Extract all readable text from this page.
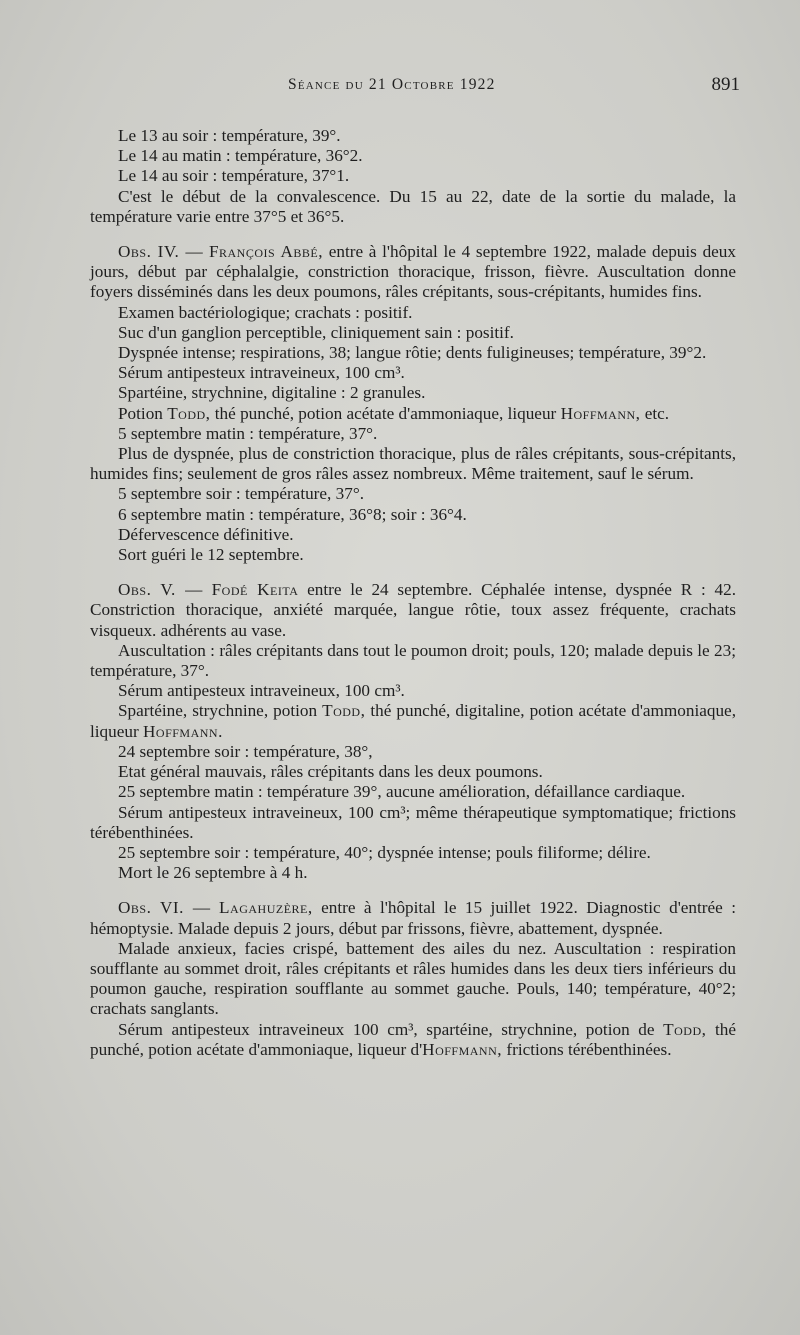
Séance du 21 Octobre 1922	891

Le 13 au soir : température, 39°.

Le 14 au matin : température, 36°2.

Le 14 au soir : température, 37°1.

C'est le début de la convalescence. Du 15 au 22, date de la sortie du malade, la température varie entre 37°5 et 36°5.

Obs. IV. — François Abbé, entre à l'hôpital le 4 septembre 1922, malade depuis deux jours, début par céphalalgie, constriction thoracique, frisson, fièvre. Auscultation donne foyers disséminés dans les deux poumons, râles crépitants, sous-crépitants, humides fins.

Examen bactériologique; crachats : positif.

Suc d'un ganglion perceptible, cliniquement sain : positif.

Dyspnée intense; respirations, 38; langue rôtie; dents fuligineuses; température, 39°2.

Sérum antipesteux intraveineux, 100 cm³.

Spartéine, strychnine, digitaline : 2 granules.

Potion Todd, thé punché, potion acétate d'ammoniaque, liqueur Hoffmann, etc.

5 septembre matin : température, 37°.

Plus de dyspnée, plus de constriction thoracique, plus de râles crépitants, sous-crépitants, humides fins; seulement de gros râles assez nombreux. Même traitement, sauf le sérum.

5 septembre soir : température, 37°.

6 septembre matin : température, 36°8; soir : 36°4.

Défervescence définitive.

Sort guéri le 12 septembre.

Obs. V. — Fodé Keita entre le 24 septembre. Céphalée intense, dyspnée R : 42. Constriction thoracique, anxiété marquée, langue rôtie, toux assez fréquente, crachats visqueux. adhérents au vase.

Auscultation : râles crépitants dans tout le poumon droit; pouls, 120; malade depuis le 23; température, 37°.

Sérum antipesteux intraveineux, 100 cm³.

Spartéine, strychnine, potion Todd, thé punché, digitaline, potion acétate d'ammoniaque, liqueur Hoffmann.

24 septembre soir : température, 38°,

Etat général mauvais, râles crépitants dans les deux poumons.

25 septembre matin : température 39°, aucune amélioration, défaillance cardiaque.

Sérum antipesteux intraveineux, 100 cm³; même thérapeutique symptomatique; frictions térébenthinées.

25 septembre soir : température, 40°; dyspnée intense; pouls filiforme; délire.

Mort le 26 septembre à 4 h.

Obs. VI. — Lagahuzère, entre à l'hôpital le 15 juillet 1922. Diagnostic d'entrée : hémoptysie. Malade depuis 2 jours, début par frissons, fièvre, abattement, dyspnée.

Malade anxieux, facies crispé, battement des ailes du nez. Auscultation : respiration soufflante au sommet droit, râles crépitants et râles humides dans les deux tiers inférieurs du poumon gauche, respiration soufflante au sommet gauche. Pouls, 140; température, 40°2; crachats sanglants.

Sérum antipesteux intraveineux 100 cm³, spartéine, strychnine, potion de Todd, thé punché, potion acétate d'ammoniaque, liqueur d'Hoffmann, frictions térébenthinées.
